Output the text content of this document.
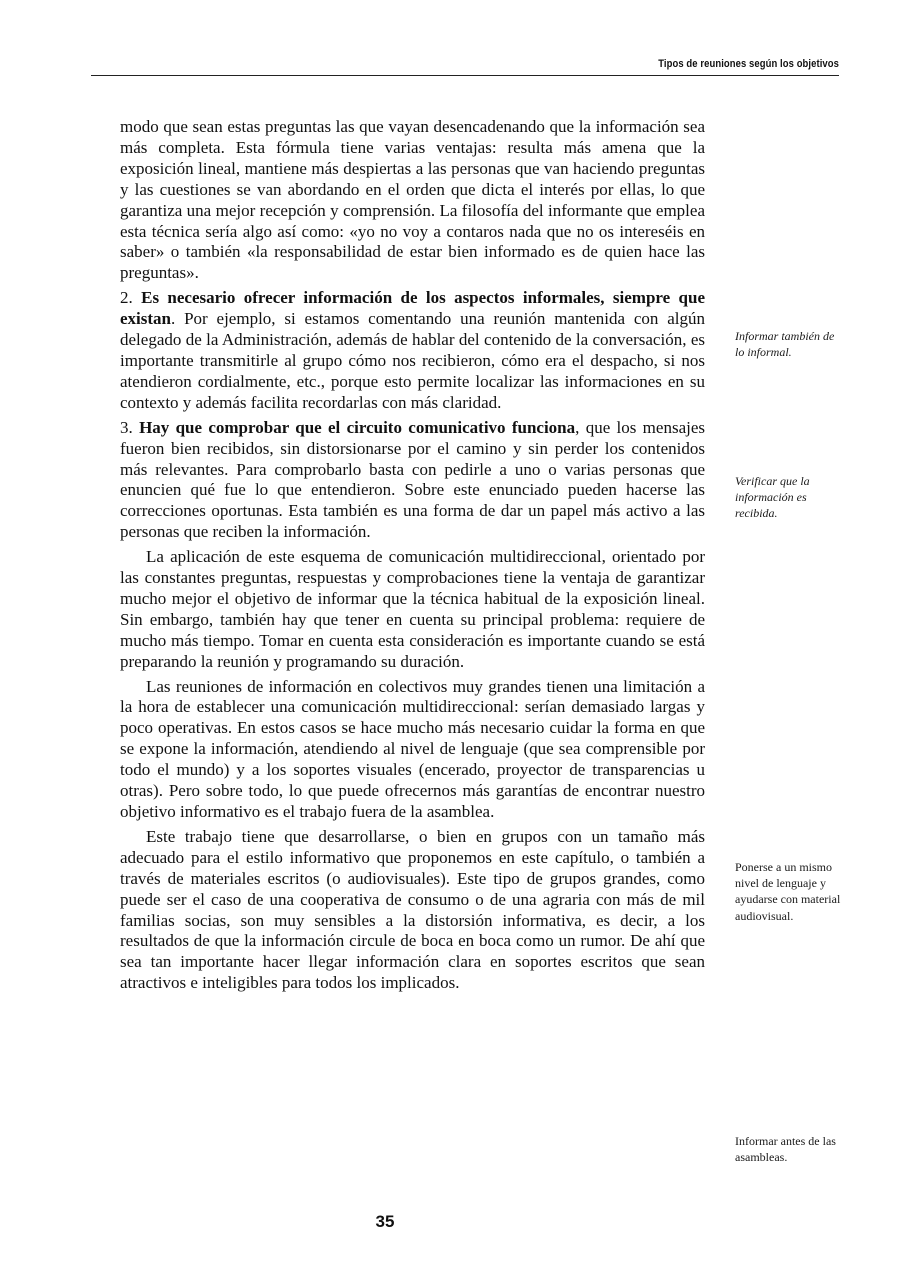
Tipos de reuniones según los objetivos

modo que sean estas preguntas las que vayan desencadenando que la información sea más completa. Esta fórmula tiene varias ventajas: resulta más amena que la exposición lineal, mantiene más despiertas a las personas que van haciendo preguntas y las cuestiones se van abordando en el orden que dicta el interés por ellas, lo que garantiza una mejor recepción y comprensión. La filosofía del informante que emplea esta técnica sería algo así como: «yo no voy a contaros nada que no os intereséis en saber» o también «la responsabilidad de estar bien informado es de quien hace las preguntas».

2. Es necesario ofrecer información de los aspectos informales, siempre que existan. Por ejemplo, si estamos comentando una reunión mantenida con algún delegado de la Administración, además de hablar del contenido de la conversación, es importante transmitirle al grupo cómo nos recibieron, cómo era el despacho, si nos atendieron cordialmente, etc., porque esto permite localizar las informaciones en su contexto y además facilita recordarlas con más claridad.

3. Hay que comprobar que el circuito comunicativo funciona, que los mensajes fueron bien recibidos, sin distorsionarse por el camino y sin perder los contenidos más relevantes. Para comprobarlo basta con pedirle a uno o varias personas que enuncien qué fue lo que entendieron. Sobre este enunciado pueden hacerse las correcciones oportunas. Esta también es una forma de dar un papel más activo a las personas que reciben la información.

La aplicación de este esquema de comunicación multidireccional, orientado por las constantes preguntas, respuestas y comprobaciones tiene la ventaja de garantizar mucho mejor el objetivo de informar que la técnica habitual de la exposición lineal. Sin embargo, también hay que tener en cuenta su principal problema: requiere de mucho más tiempo. Tomar en cuenta esta consideración es importante cuando se está preparando la reunión y programando su duración.

Las reuniones de información en colectivos muy grandes tienen una limitación a la hora de establecer una comunicación multidireccional: serían demasiado largas y poco operativas. En estos casos se hace mucho más necesario cuidar la forma en que se expone la información, atendiendo al nivel de lenguaje (que sea comprensible por todo el mundo) y a los soportes visuales (encerado, proyector de transparencias u otras). Pero sobre todo, lo que puede ofrecernos más garantías de encontrar nuestro objetivo informativo es el trabajo fuera de la asamblea.

Este trabajo tiene que desarrollarse, o bien en grupos con un tamaño más adecuado para el estilo informativo que proponemos en este capítulo, o también a través de materiales escritos (o audiovisuales). Este tipo de grupos grandes, como puede ser el caso de una cooperativa de consumo o de una agraria con más de mil familias socias, son muy sensibles a la distorsión informativa, es decir, a los resultados de que la información circule de boca en boca como un rumor. De ahí que sea tan importante hacer llegar información clara en soportes escritos que sean atractivos e inteligibles para todos los implicados.

Informar también de lo informal.
Verificar que la información es recibida.
Ponerse a un mismo nivel de lenguaje y ayudarse con material audiovisual.
Informar antes de las asambleas.
35
